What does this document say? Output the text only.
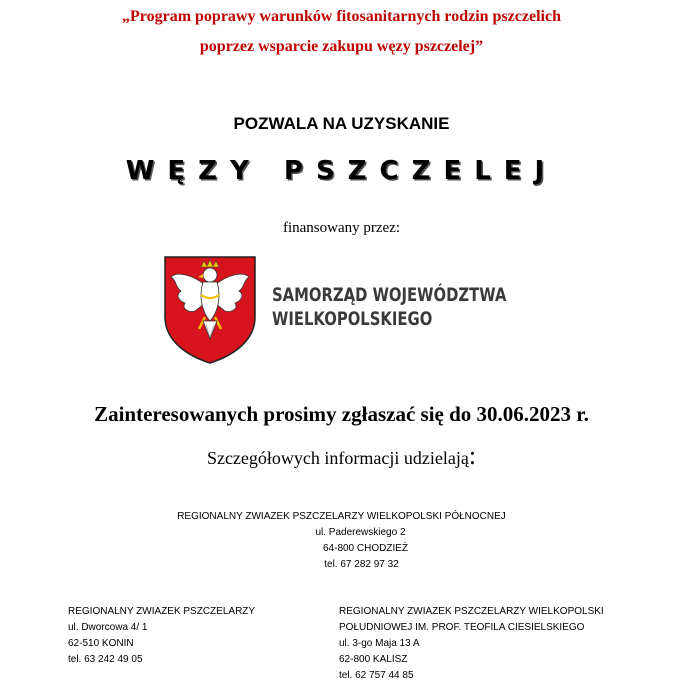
„Program poprawy warunków fitosanitarnych rodzin pszczelich
poprzez wsparcie zakupu węzy pszczelej”
POZWALA NA UZYSKANIE
WĘZY PSZCZELEJ
finansowany przez:
SAMORZĄD WOJEWÓDZTWA
WIELKOPOLSKIEGO
Zainteresowanych prosimy zgłaszać się do 30.06.2023 r.
Szczegółowych informacji udzielają:
REGIONALNY ZWIAZEK PSZCZELARZY WIELKOPOLSKI PÓŁNOCNEJ
ul. Paderewskiego 2
64-800 CHODZIEŻ
tel. 67 282 97 32
REGIONALNY ZWIAZEK PSZCZELARZY
ul. Dworcowa 4/ 1
62-510 KONIN
tel. 63 242 49 05
REGIONALNY ZWIAZEK PSZCZELARZY WIELKOPOLSKI
POŁUDNIOWEJ IM. PROF. TEOFILA CIESIELSKIEGO
ul. 3-go Maja 13 A
62-800 KALISZ
tel. 62 757 44 85
